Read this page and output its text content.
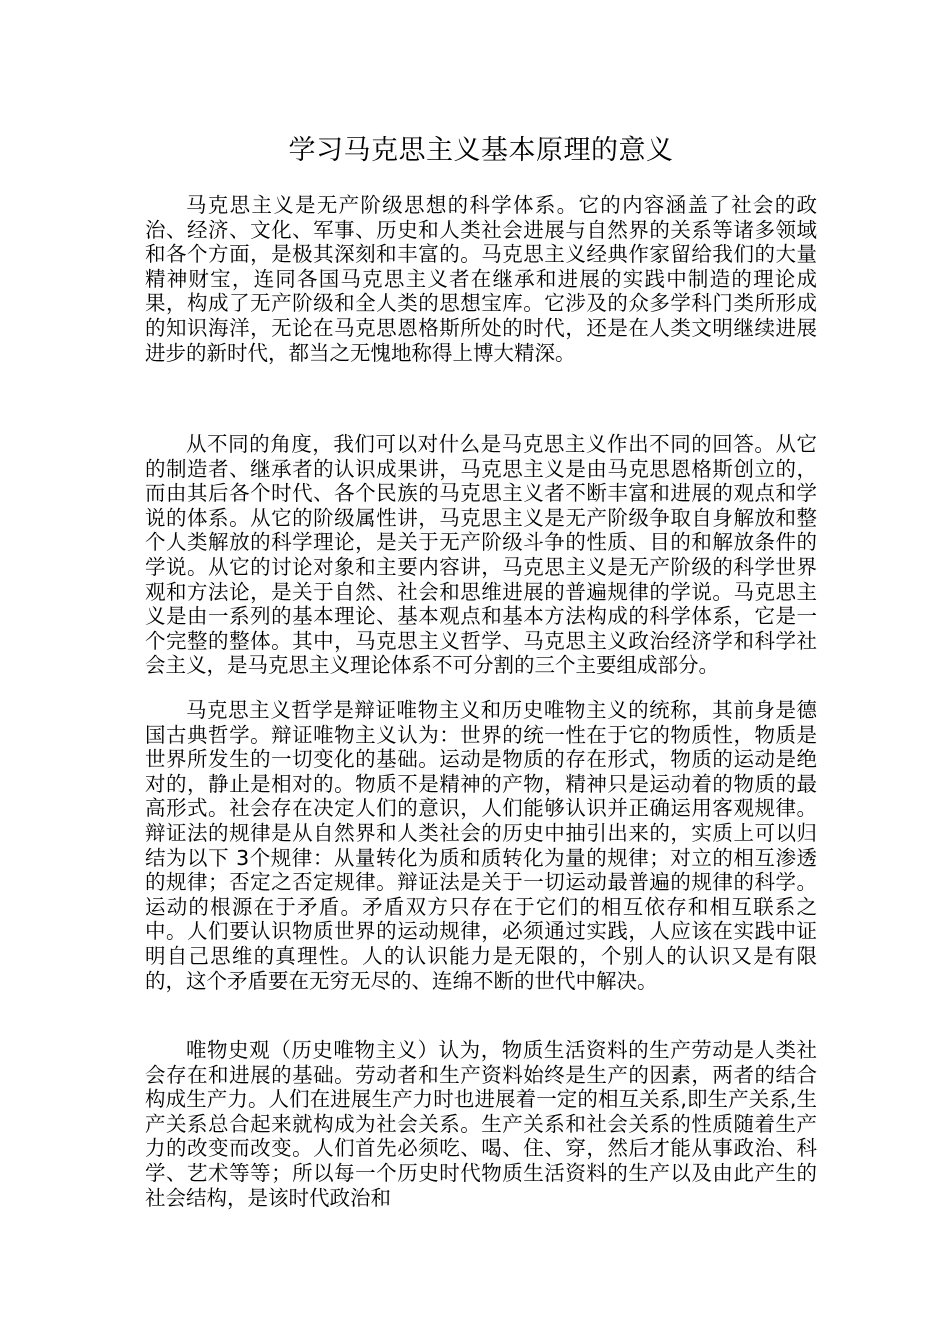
学习马克思主义基本原理的意义

马克思主义是无产阶级思想的科学体系。它的内容涵盖了社会的政治、经济、文化、军事、历史和人类社会进展与自然界的关系等诸多领域和各个方面，是极其深刻和丰富的。马克思主义经典作家留给我们的大量精神财宝，连同各国马克思主义者在继承和进展的实践中制造的理论成果，构成了无产阶级和全人类的思想宝库。它涉及的众多学科门类所形成的知识海洋，无论在马克思恩格斯所处的时代，还是在人类文明继续进展进步的新时代，都当之无愧地称得上博大精深。

从不同的角度，我们可以对什么是马克思主义作出不同的回答。从它的制造者、继承者的认识成果讲，马克思主义是由马克思恩格斯创立的，而由其后各个时代、各个民族的马克思主义者不断丰富和进展的观点和学说的体系。从它的阶级属性讲，马克思主义是无产阶级争取自身解放和整个人类解放的科学理论，是关于无产阶级斗争的性质、目的和解放条件的学说。从它的讨论对象和主要内容讲，马克思主义是无产阶级的科学世界观和方法论，是关于自然、社会和思维进展的普遍规律的学说。马克思主义是由一系列的基本理论、基本观点和基本方法构成的科学体系，它是一个完整的整体。其中，马克思主义哲学、马克思主义政治经济学和科学社会主义，是马克思主义理论体系不可分割的三个主要组成部分。

马克思主义哲学是辩证唯物主义和历史唯物主义的统称，其前身是德国古典哲学。辩证唯物主义认为：世界的统一性在于它的物质性，物质是世界所发生的一切变化的基础。运动是物质的存在形式，物质的运动是绝对的，静止是相对的。物质不是精神的产物，精神只是运动着的物质的最高形式。社会存在决定人们的意识，人们能够认识并正确运用客观规律。辩证法的规律是从自然界和人类社会的历史中抽引出来的，实质上可以归结为以下 3个规律：从量转化为质和质转化为量的规律；对立的相互渗透的规律；否定之否定规律。辩证法是关于一切运动最普遍的规律的科学。运动的根源在于矛盾。矛盾双方只存在于它们的相互依存和相互联系之中。人们要认识物质世界的运动规律，必须通过实践，人应该在实践中证明自己思维的真理性。人的认识能力是无限的，个别人的认识又是有限的，这个矛盾要在无穷无尽的、连绵不断的世代中解决。

唯物史观（历史唯物主义）认为，物质生活资料的生产劳动是人类社会存在和进展的基础。劳动者和生产资料始终是生产的因素，两者的结合构成生产力。人们在进展生产力时也进展着一定的相互关系,即生产关系,生产关系总合起来就构成为社会关系。生产关系和社会关系的性质随着生产力的改变而改变。人们首先必须吃、喝、住、穿，然后才能从事政治、科学、艺术等等；所以每一个历史时代物质生活资料的生产以及由此产生的社会结构，是该时代政治和
